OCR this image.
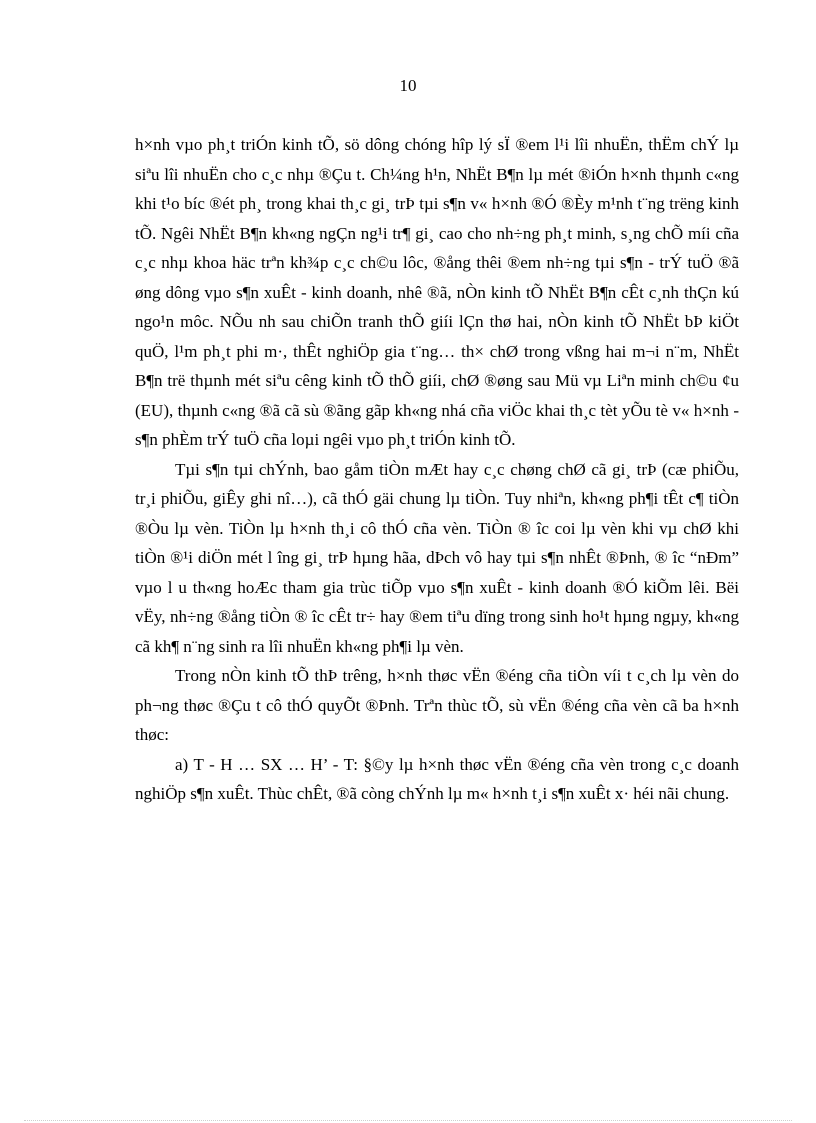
10

h×nh vµo ph¸t triÓn kinh tÕ, sö dông chóng hîp lý sÏ ®em l¹i lîi nhuËn, thËm chÝ lµ siªu lîi nhuËn cho c¸c nhµ ®Çu t. Ch¼ng h¹n, NhËt B¶n lµ mét ®iÓn h×nh thµnh c«ng khi t¹o bíc ®ét ph¸ trong khai th¸c gi¸ trÞ tµi s¶n v« h×nh ®Ó ®Èy m¹nh t¨ng trëng kinh tÕ. Ngêi NhËt B¶n kh«ng ngÇn ng¹i tr¶ gi¸ cao cho nh÷ng ph¸t minh, s¸ng chÕ míi cña c¸c nhµ khoa häc trªn kh¾p c¸c ch©u lôc, ®ång thêi ®em nh÷ng tµi s¶n - trÝ tuÖ ®ã øng dông vµo s¶n xuÊt - kinh doanh, nhê ®ã, nÒn kinh tÕ NhËt B¶n cÊt c¸nh thÇn kú ngo¹n môc. NÕu nh sau chiÕn tranh thÕ giíi lÇn thø hai, nÒn kinh tÕ NhËt bÞ kiÖt quÖ, l¹m ph¸t phi m·, thÊt nghiÖp gia t¨ng… th× chØ trong vßng hai m¬i n¨m, NhËt B¶n trë thµnh mét siªu cêng kinh tÕ thÕ giíi, chØ ®øng sau Mü vµ Liªn minh ch©u ¢u (EU), thµnh c«ng ®ã cã sù ®ãng gãp kh«ng nhá cña viÖc khai th¸c tèt yÕu tè v« h×nh - s¶n phÈm trÝ tuÖ cña loµi ngêi vµo ph¸t triÓn kinh tÕ.

Tµi s¶n tµi chÝnh, bao gåm tiÒn mÆt hay c¸c chøng chØ cã gi¸ trÞ (cæ phiÕu, tr¸i phiÕu, giÊy ghi nî…), cã thÓ gäi chung lµ tiÒn. Tuy nhiªn, kh«ng ph¶i tÊt c¶ tiÒn ®Òu lµ vèn. TiÒn lµ h×nh th¸i cô thÓ cña vèn. TiÒn ® îc coi lµ vèn khi vµ chØ khi tiÒn ®¹i diÖn mét l îng gi¸ trÞ hµng hãa, dÞch vô hay tµi s¶n nhÊt ®Þnh, ® îc “nÐm” vµo l u th«ng hoÆc tham gia trùc tiÕp vµo s¶n xuÊt - kinh doanh ®Ó kiÕm lêi. Bëi vËy, nh÷ng ®ång tiÒn ® îc cÊt tr÷ hay ®em tiªu dïng trong sinh ho¹t hµng ngµy, kh«ng cã kh¶ n¨ng sinh ra lîi nhuËn kh«ng ph¶i lµ vèn.

Trong nÒn kinh tÕ thÞ trêng, h×nh thøc vËn ®éng cña tiÒn víi t c¸ch lµ vèn do ph¬ng thøc ®Çu t cô thÓ quyÕt ®Þnh. Trªn thùc tÕ, sù vËn ®éng cña vèn cã ba h×nh thøc:

a) T - H … SX … H’ - T: §©y lµ h×nh thøc vËn ®éng cña vèn trong c¸c doanh nghiÖp s¶n xuÊt. Thùc chÊt, ®ã còng chÝnh lµ m« h×nh t¸i s¶n xuÊt x· héi nãi chung.
